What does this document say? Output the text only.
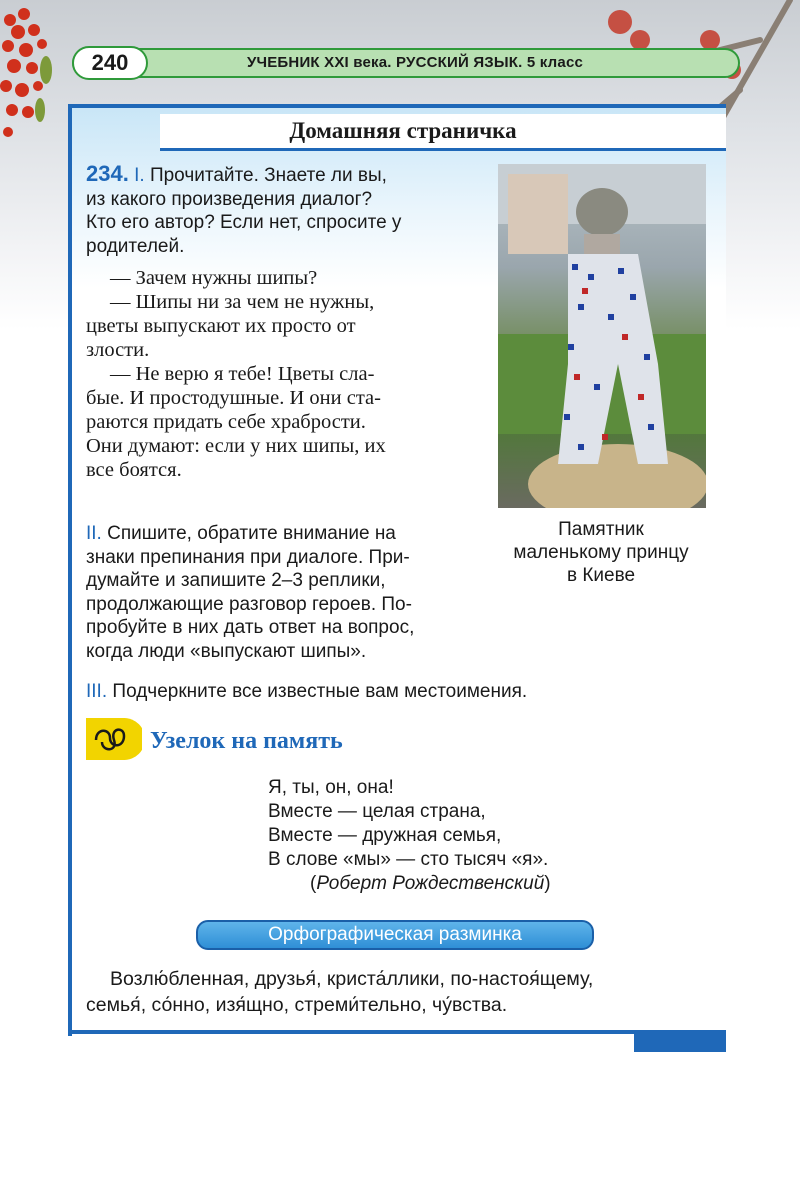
240	УЧЕБНИК XXI века. РУССКИЙ ЯЗЫК. 5 класс
Домашняя страничка
234. I. Прочитайте. Знаете ли вы,
из какого произведения диалог?
Кто его автор? Если нет, спросите у
родителей.
— Зачем нужны шипы?
— Шипы ни за чем не нужны,
цветы выпускают их просто от
злости.
— Не верю я тебе! Цветы сла-
бые. И простодушные. И они ста-
раются придать себе храбрости.
Они думают: если у них шипы, их
все боятся.
II. Спишите, обратите внимание на
знаки препинания при диалоге. При-
думайте и запишите 2–3 реплики,
продолжающие разговор героев. По-
пробуйте в них дать ответ на вопрос,
когда люди «выпускают шипы».
III. Подчеркните все известные вам местоимения.
Памятник
маленькому принцу
в Киеве
Узелок на память
Я, ты, он, она!
Вместе — целая страна,
Вместе — дружная семья,
В слове «мы» — сто тысяч «я».
(Роберт Рождественский)
Орфографическая разминка
Возлю́бленная, друзья́, криста́ллики, по-настоя́щему,
семья́, со́нно, изя́щно, стреми́тельно, чу́вства.
